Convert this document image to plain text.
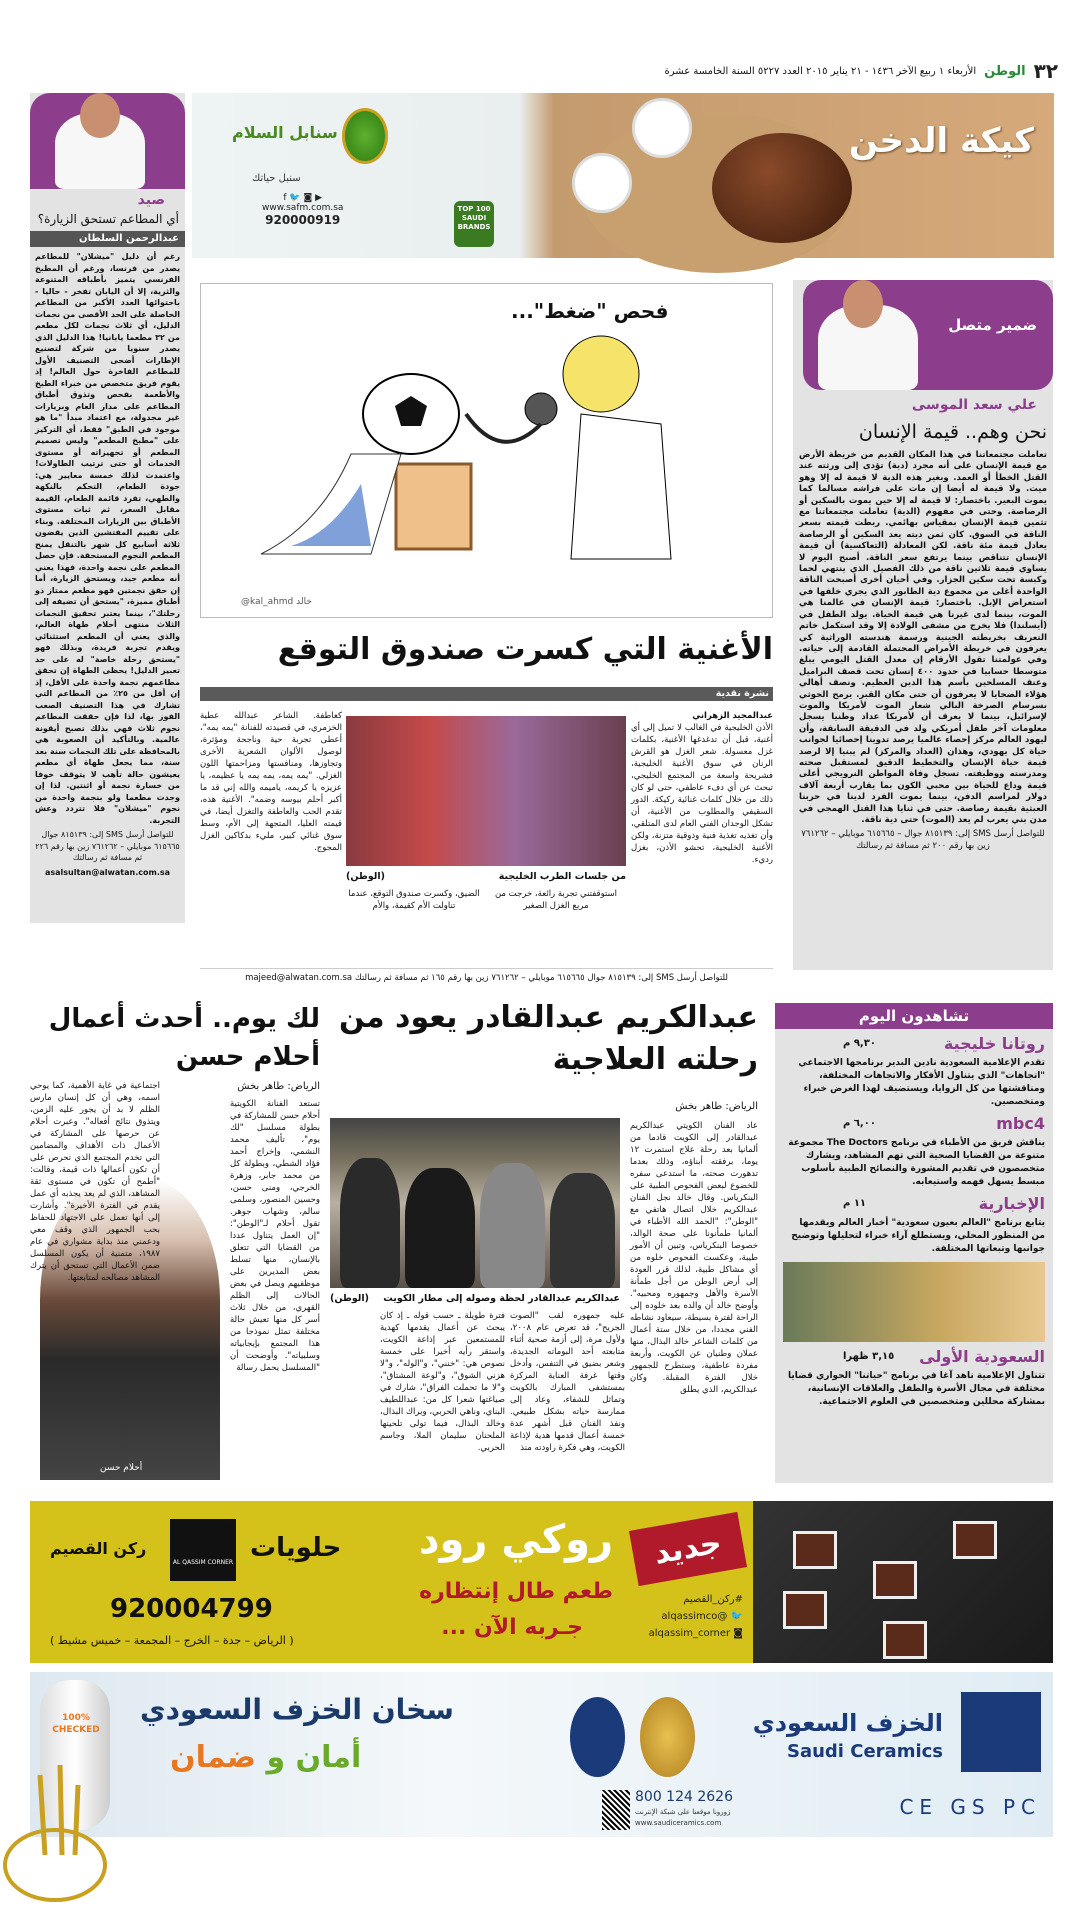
٣٢
الوطن
الأربعاء ١ ربيع الآخر ١٤٣٦ - ٢١ يناير ٢٠١٥ العدد ٥٢٢٧ السنة الخامسة عشرة
كيكة الدخن
سنابل السلام
سنبل حياتك
f 🐦 ◙ ▶
www.safm.com.sa
920000919
TOP 100 SAUDI BRANDS
صيد
أي المطاعم تستحق الزيارة؟
عبدالرحمن السلطان
رغم أن دليل "ميشلان" للمطاعم يصدر من فرنسا، ورغم أن المطبخ الفرنسي يتميز بأطباقه المتنوعة والثرية، إلا أن اليابان تفخر - حاليا - باحتوائها العدد الأكبر من المطاعم الحاصلة على الحد الأقصى من نجمات الدليل، أي ثلاث نجمات لكل مطعم من ٣٢ مطعما يابانيا! هذا الدليل الذي يصدر سنويا من شركة لتصنيع الإطارات أضحى التصنيف الأول للمطاعم الفاخرة حول العالم! إذ يقوم فريق متخصص من خبراء الطبخ والأطعمة بفحص وتذوق أطباق المطاعم على مدار العام وبزيارات غير مجدولة، مع اعتماد مبدأ "ما هو موجود في الطبق" فقط، أي التركيز على "مطبخ المطعم" وليس تصميم المطعم أو تجهيزاته أو مستوى الخدمات أو حتى ترتيب الطاولات! واعتمدت لذلك خمسة معايير هي: جودة الطعام، التحكم بالنكهة والطهي، تفرد قائمة الطعام، القيمة مقابل السعر، ثم ثبات مستوى الأطباق بين الزيارات المختلفة. وبناء على تقييم المفتشين الذين يقضون ثلاثة أسابيع كل شهر بالتنقل يمنح المطعم النجوم المستحقة. فإن حصل المطعم على نجمة واحدة، فهذا يعني أنه مطعم جيد، ويستحق الزيارة، أما إن حقق نجمتين فهو مطعم ممتاز ذو أطباق مميزة، "يستحق أن تضيفه إلى رحلتك"، بينما يعتبر تحقيق النجمات الثلاث منتهى أحلام طهاة العالم، والذي يعني أن المطعم استثنائي ويقدم تجربة فريدة، وبذلك فهو "يستحق رحلة خاصة" له على حد تعبير الدليل! يحظى الطهاة إن تحقق مطاعمهم نجمة واحدة على الأقل، إذ إن أقل من ٢٥٪ من المطاعم التي تشارك في هذا التصنيف الصعب الفوز بها، لذا فإن حققت المطاعم نجوم ثلاث فهي بذلك تصبح أيقونة عالمية. وبالتأكيد أن الصعوبة هي بالمحافظة على تلك النجمات سنة بعد سنة، مما يجعل طهاة أي مطعم يعيشون حالة تأهب لا يتوقف خوفا من خسارة نجمة أو اثنتين. لذا إن وجدت مطعما ولو بنجمة واحدة من نجوم "ميشلان" فلا تتردد وعش التجربة.
للتواصل أرسل SMS إلى: ٨١٥١٣٩ جوال ٦١٥٦٦٥ موبايلي – ٧٦١٢٦٢ زين بها رقم ٢٢٦ ثم مسافة ثم رسالتك
asalsultan@alwatan.com.sa
ضمير متصل
علي سعد الموسى
نحن وهم.. قيمة الإنسان
تعاملت مجتمعاتنا في هذا المكان القديم من خريطة الأرض مع قيمة الإنسان على أنه مجرد (دية) تؤدى إلى ورثته عند القتل الخطأ أو العمد. وبغير هذه الدية لا قيمة له إلا وهو ميت. ولا قيمة له أيضا إن مات على فراشه مسالما كما يموت البعير. باختصار: لا قيمة له إلا حين يموت بالسكين أو الرصاصة. وحتى في مفهوم (الدية) تعاملت مجتمعاتنا مع تثمين قيمة الإنسان بمقياس بهائمي. ربطت قيمته بسعر الناقة في السوق. كان ثمن ديته يعد السكين أو الرصاصة يعادل قيمة مئة ناقة. لكن المعادلة (التعاكسية) أن قيمة الإنسان تتناقص بينما يرتفع سعر الناقة. أصبح اليوم لا يساوي قيمة ثلاثين ناقة من ذلك الفصيل الذي ينتهي لحما وكبسة تحت سكين الجزار. وفي أحيان أخرى أصبحت الناقة الواحدة أغلى من مجموع دية الطابور الذي يجري خلفها في استعراض الإبل. باختصار: قيمة الإنسان في عالمنا هي الموت، بينما لدى غيرنا هي قيمة الحياة. يولد الطفل في (أيسلندا) فلا يخرج من مشفى الولادة إلا وقد استكمل خاتم التعريف بخريطته الجينية ورسمة هندسته الوراثية كي يعرفون في خريطة الأمراض المحتملة القادمة إلى حياته. وفي عولمتنا تقول الأرقام إن معدل القتل اليومي يبلغ متوسطا حسابيا في حدود ٤٠٠ إنسان تحت قصف البراميل وعنف المسلحين بأسم هذا الدين العظيم. ونصف أهالي هؤلاء الضحايا لا يعرفون أن حتى مكان القبر. يرمح الحوثي بسرسام الصرخة البالي شعار الموت لأمريكا والموت لإسرائيل، بينما لا يعرف أن لأمريكا عداد وطنيا يسجل معلومات آخر طفل أمريكي ولد في الدقيقة السابقة، وأن ليهود العالم مركز إحصاء عالميا يرصد تدوينا إحصائيا لجوانب حياة كل يهودي، وهذان (العداد والمركز) لم يبنيا إلا لرصد قيمة حياة الإنسان والتخطيط الدقيق لمستقبل صحته ومدرسته ووظيفته. تسجل وفاة المواطن النرويجي أعلى قيمة وداع للحياة بين محبي الكون بما يقارب أربعة آلاف دولار لمراسم الدفن، بينما يموت الفرد لدينا في حربنا العبثية بقيمة رصاصة. حتى في ثنايا هذا القتل الهمجي في مدن بني يعرب لم يعد (الموت) حتى دية ناقة.
للتواصل أرسل SMS إلى: ٨١٥١٣٩ جوال – ٦١٥٦٦٥ موبايلي – ٧٦١٢٦٢ زين بها رقم ٢٠٠ ثم مسافة ثم رسالتك
فحص "ضغط"...
@kal_ahmd خالد
الأغنية التي كسرت صندوق التوقع
نشرة نقدية
عبدالمجيد الزهراني
الأذن الخليجية في الغالب لا تميل إلى أي أغنية، قبل أن تدغدغها الأغنية، بكلمات غزل معسولة. شعر الغزل هو القرش الرنان في سوق الأغنية الخليجية، فشريحة واسعة من المجتمع الخليجي، تبحث عن أي دفء عاطفي، حتى لو كان ذلك من خلال كلمات غنائية ركيكة. الدور السقيفي والمطلوب من الأغنية، أن تشكل الوجدان الفني العام لدى المتلقي، وأن تغذيه تغذية فنية وذوقية متزنة، ولكن الأغنية الخليجية، تحشو الأذن، بغزل رديء.
من جلسات الطرب الخليجية
(الوطن)
استوقفتني تجربة رائعة، خرجت من مربع الغزل الصغير
الضيق، وكسرت صندوق التوقع، عندما تناولت الأم كقيمة، والأم
كعاطفة. الشاعر عبدالله عطية الخزمري، في قصيدته للفنانة "يمه يمه"، أعطى تجربة حية وناجحة ومؤثرة، لوصول الألوان الشعرية الأخرى وتجاوزها، ومنافستها ومزاحمتها اللون الغزلي. "يمه يمه، يمه يمه يا عظيمه، يا عزيزه يا كريمه، ياميمه والله إني قد ما أكبر أحلم بيوسه وضمه". الأغنية هذه، تقدم الحب والعاطفة والتغزل أيضا، في قيمته العليا، المتجهة إلى الأم، وسط سوق غنائي كبير، مليء بدكاكين الغزل المجوج.
للتواصل أرسل SMS إلى: ٨١٥١٣٩ جوال ٦١٥٦٦٥ موبايلي – ٧٦١٢٦٢ زين بها رقم ١٦٥ ثم مسافة ثم رسالتك majeed@alwatan.com.sa
تشاهدون اليوم
روتانا خليجية
٩,٣٠ م
تقدم الإعلامية السعودية نادين البدير برنامجها الاجتماعي "اتجاهات" الذي يتناول الأفكار والاتجاهات المختلفة، ومناقشتها من كل الزوايا، ويستضيف لهذا الغرض خبراء ومتخصصين.
mbc4
٦,٠٠ م
يناقش فريق من الأطباء في برنامج The Doctors مجموعة متنوعة من القضايا الصحية التي تهم المشاهد، ويشارك متخصصون في تقديم المشورة والنصائح الطبية بأسلوب مبسط يسهل فهمه واستيعابه.
الإخبارية
١١ م
يتابع برنامج "العالم بعيون سعودية" أخبار العالم ويقدمها من المنظور المحلي، ويستطلع آراء خبراء لتحليلها وتوضيح جوانبها وتبعاتها المختلفة.
السعودية الأولى
٣,١٥ ظهرا
تتناول الإعلامية ناهد آغا في برنامج "حياتنا" الحواري قضايا مختلفة في مجال الأسرة والطفل والعلاقات الإنسانية، بمشاركة محللين ومتخصصين في العلوم الاجتماعية.
عبدالكريم عبدالقادر يعود من رحلته العلاجية
الرياض: طاهر بخش
عبدالكريم عبدالقادر لحظة وصوله إلى مطار الكويت
(الوطن)
عاد الفنان الكويتي عبدالكريم عبدالقادر إلى الكويت قادما من ألمانيا بعد رحلة علاج استمرت ١٢ يوما، برفقته أبناؤه، وذلك بعدما تدهورت صحته، ما استدعى سفره للخضوع لبعض الفحوص الطبية على البنكرياس. وقال خالد نجل الفنان عبدالكريم خلال اتصال هاتفي مع "الوطن": "الحمد الله الأطباء في ألمانيا طمأنونا على صحة الوالد، خصوصا البنكرياس، وتبين أن الأمور طيبة، وعكست الفحوص خلوه من أي مشاكل طبية، لذلك قرر العودة إلى أرض الوطن من أجل طمأنة الأسرة والأهل وجمهوره ومحبيه". وأوضح خالد أن والده بعد خلوده إلى الراحة لفترة بسيطة، سيعاود نشاطه الفني مجددا، من خلال ستة أعمال من كلمات الشاعر خالد البذال، منها عملان وطنيان عن الكويت، وأربعة مفردة عاطفية، وستطرح للجمهور خلال الفترة المقبلة. وكان عبدالكريم، الذي يطلق
عليه جمهوره لقب "الصوت الجريح"، قد تعرض عام ٢٠٠٨، ولأول مرة، إلى أزمة صحية أثناء متابعته أحد البوماته الجديدة، وشعر بضيق في التنفس، وأدخل وقتها غرفة العناية المركزة بمستشفى المبارك بالكويت وتماثل للشفاء، وعاد إلى ممارسة حياته بشكل طبيعي. ونفذ الفنان قبل أشهر عدة خمسة أعمال قدمها هدية لإذاعة الكويت، وهي فكرة راودته منذ
فترة طويلة ـ حسب قوله ـ إذ كان يبحث عن أعمال يقدمها كهدية للمستمعين عبر إذاعة الكويت، واستقر رأيه أخيرا على خمسة نصوص هي: "خنني"، و"الوله"، و"لا هزني الشوق"، و"لوعة المشتاق"، و"لا ما تحملت الفراق"، شارك في صياغتها شعرا كل من: عبداللطيف البناي، وناهي الحربي، وبراك البذال، وخالد البذال، فيما تولى تلحينها الملحنان سليمان الملا، وجاسم الحربي.
لك يوم.. أحدث أعمال أحلام حسن
أحلام حسن
الرياض: طاهر بخش
تستعد الفنانة الكويتية أحلام حسن للمشاركة في بطولة مسلسل "لك يوم"، تأليف محمد النشمي، وإخراج أحمد فؤاد الشطي، وبطولة كل من محمد جابر، وزهرة الخرجي، ومنى حسن، وحسين المنصور، وسلمى سالم، وشهاب جوهر. تقول أحلام لـ"الوطن": "إن العمل يتناول عددا من القضايا التي تتعلق بالإنسان، منها تسلط بعض المديرين على موظفيهم ويصل في بعض الحالات إلى الظلم القهري، من خلال ثلاث أسر كل منها تعيش حالة مختلفة تمثل نموذجا من هذا المجتمع بإيجابياته وسلبياته". وأوضحت أن "المسلسل يحمل رسالة
اجتماعية في غاية الأهمية، كما يوحي اسمه، وهي أن كل إنسان مارس الظلم لا بد أن يجور عليه الزمن، ويتذوق نتائج أفعاله". وعبرت أحلام عن حرصها على المشاركة في الأعمال ذات الأهداف والمضامين التي تخدم المجتمع الذي تحرص على أن تكون أعمالها ذات قيمة، وقالت: "أطمح أن تكون في مستوى ثقة المشاهد، الذي لم يعد يجذبه أي عمل يقدم في الفترة الأخيرة". وأشارت إلى أنها تعمل على الاجتهاد للحفاظ بحب الجمهور الذي وقف معي ودعمني منذ بداية مشواري في عام ١٩٨٧، متمنية أن يكون المسلسل ضمن الأعمال التي تستحق أن يترك المشاهد مصالحه لمتابعتها.
جديد
روكي رود
طعم طال إنتظاره
جـربه الآن ...
#ركن_القصيم
🐦 @alqassimco
◙ alqassim_corner
حلويات
AL QASSIM CORNER
ركن القصيم
920004799
( الرياض – جدة – الخرج – المجمعة – خميس مشيط )
100% CHECKED
سخان الخزف السعودي
أمان و ضمان
الخزف السعودي
Saudi Ceramics
800 124 2626
زورونا موقعنا على شبكة الإنترنت
www.saudiceramics.com
CE GS PC
